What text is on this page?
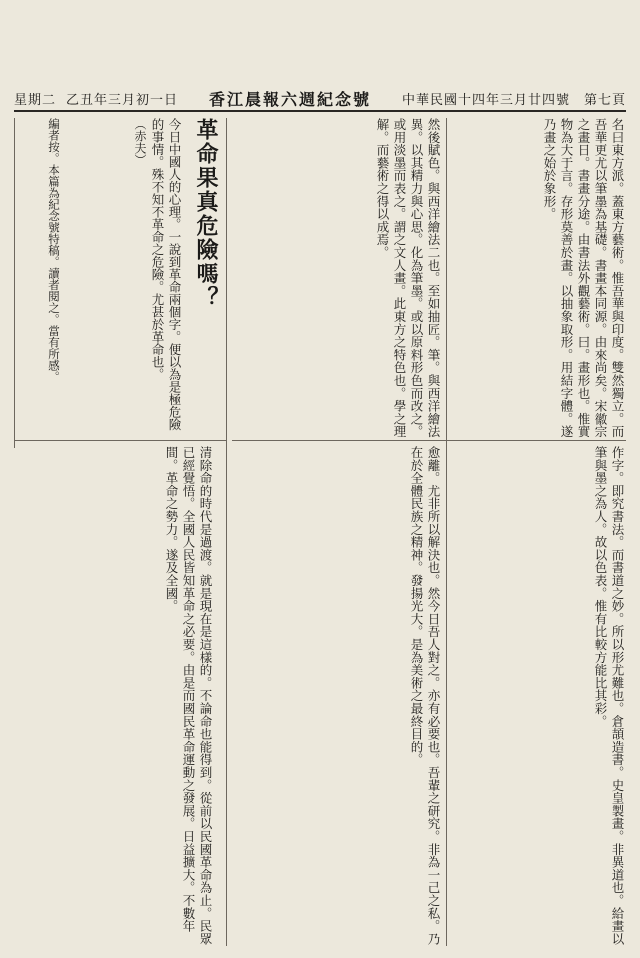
星期二 乙丑年三月初一日 香江晨報六週紀念號 中華民國十四年三月廿四號 第七頁
名曰東方派。蓋東方藝術。惟吾華與印度。雙然獨立。而吾華更尤以筆墨為基礎。書畫本同源。由來尚矣。宋徽宗之畫日。書畫分途。由書法外觀藝術。曰。畫形也。惟實物為大于言。存形莫善於畫。以抽象取形。用結字體。遂乃畫之始於象形。
作字。即究書法。而書道之妙。所以形尤難也。倉頡造書。史皇製畫。非異道也。給畫以筆與墨之為人。故以色表。惟有比較方能比其彩。
然後賦色。與西洋繪法二也。至如抽匠。筆。與西洋繪法異。以其精力與心思。化為筆墨。或以原料形色而改之。或用淡墨而表之。謂之文人畫。此東方之特色也。學之理解。而藝術之得以成焉。
愈離。尤非所以解決也。然今日吾人對之。亦有必要也。吾輩之研究。非為一己之私。乃在於全體民族之精神。發揚光大。是為美術之最終目的。
清除命的時代是過渡。就是現在是這樣的。不論命也能得到。從前以民國革命為止。民眾已經覺悟。全國人民皆知革命之必要。由是而國民革命運動之發展。日益擴大。不數年間。革命之勢力。遂及全國。
革命果真危險嗎？
今日中國人的心理。一說到革命兩個字。便以為是極危險的事情。殊不知不革命之危險。尤甚於革命也。
（赤夫）
編者按。本篇為紀念號特稿。讀者閱之。當有所感。
